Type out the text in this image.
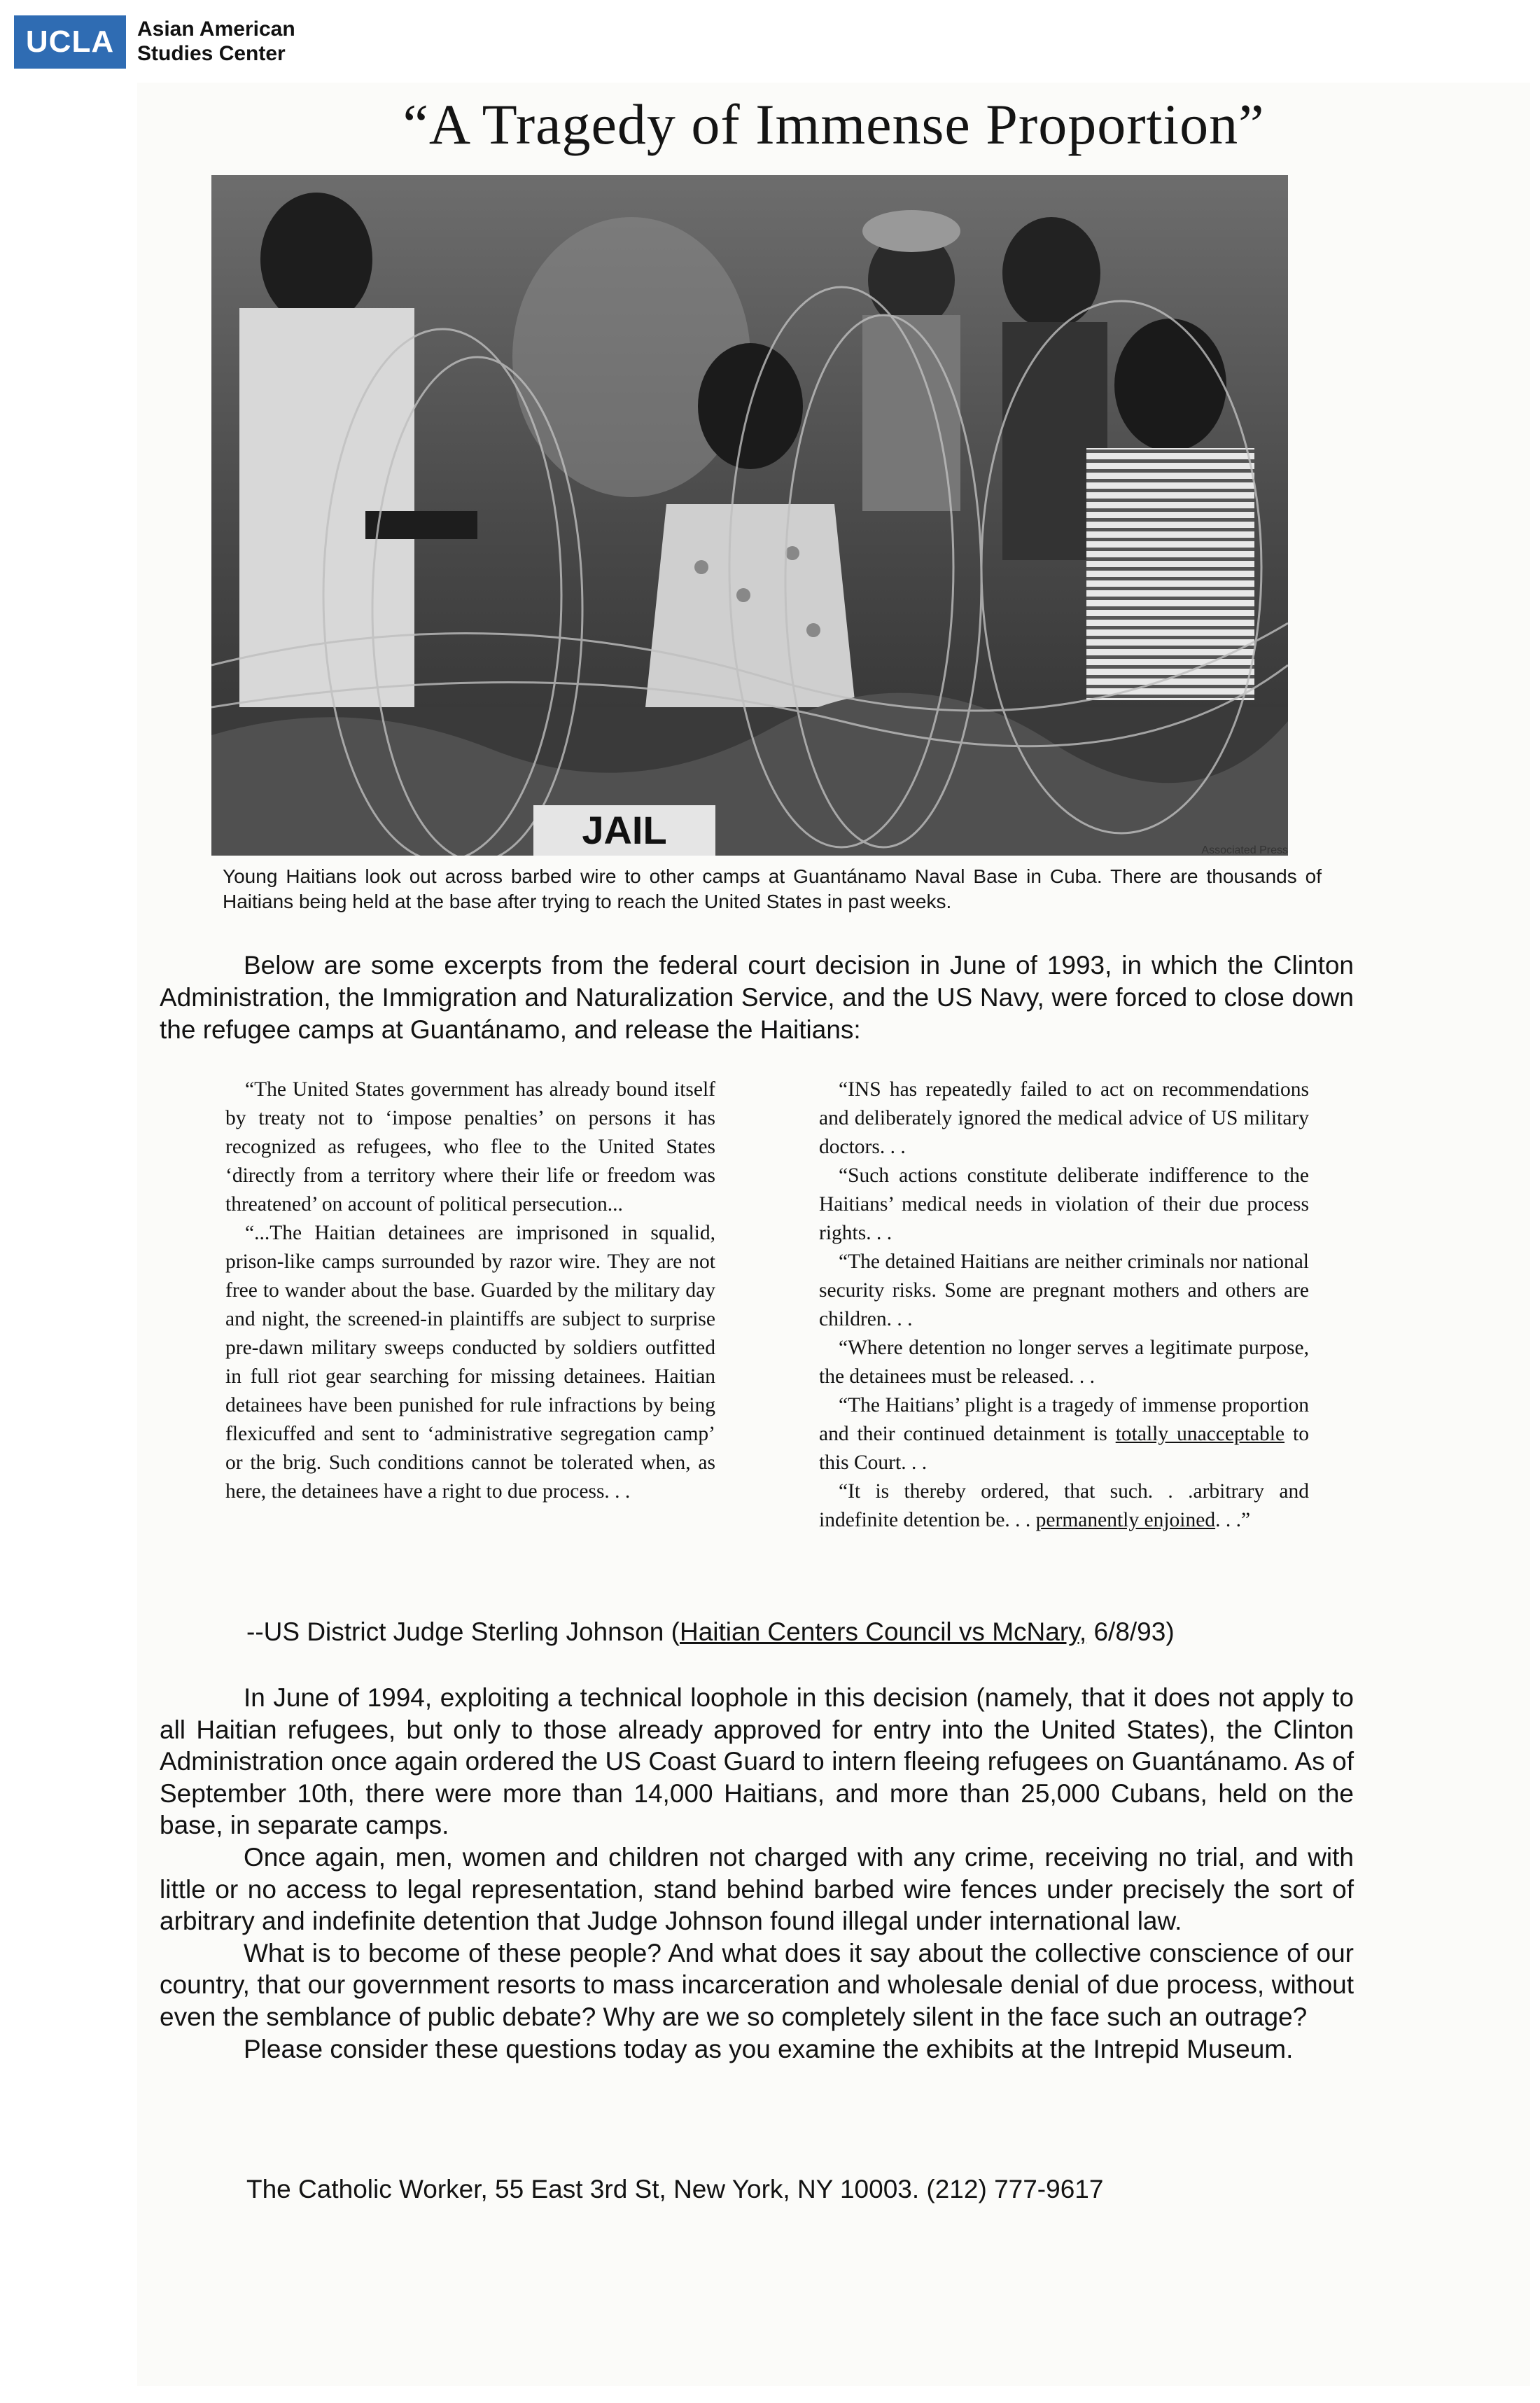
UCLA	Asian American
Studies Center
“A Tragedy of Immense Proportion”
JAIL	Associated Press
Young Haitians look out across barbed wire to other camps at Guantánamo Naval Base in Cuba. There are thousands of Haitians being held at the base after trying to reach the United States in past weeks.
Below are some excerpts from the federal court decision in June of 1993, in which the Clinton Administration, the Immigration and Naturalization Service, and the US Navy, were forced to close down the refugee camps at Guantánamo, and release the Haitians:

“The United States government has already bound itself by treaty not to ‘impose penalties’ on persons it has recognized as refugees, who flee to the United States ‘directly from a territory where their life or freedom was threatened’ on account of political persecution...

“...The Haitian detainees are imprisoned in squalid, prison-like camps surrounded by razor wire. They are not free to wander about the base. Guarded by the military day and night, the screened-in plaintiffs are subject to surprise pre-dawn military sweeps conducted by soldiers outfitted in full riot gear searching for missing detainees. Haitian detainees have been punished for rule infractions by being flexicuffed and sent to ‘administrative segregation camp’ or the brig. Such conditions cannot be tolerated when, as here, the detainees have a right to due process. . .

“INS has repeatedly failed to act on recommendations and deliberately ignored the medical advice of US military doctors. . .

“Such actions constitute deliberate indifference to the Haitians’ medical needs in violation of their due process rights. . .

“The detained Haitians are neither criminals nor national security risks. Some are pregnant mothers and others are children. . .

“Where detention no longer serves a legitimate purpose, the detainees must be released. . .

“The Haitians’ plight is a tragedy of immense proportion and their continued detainment is totally unacceptable to this Court. . .

“It is thereby ordered, that such. . .arbitrary and indefinite detention be. . . permanently enjoined. . .”

--US District Judge Sterling Johnson (Haitian Centers Council vs McNary, 6/8/93)

In June of 1994, exploiting a technical loophole in this decision (namely, that it does not apply to all Haitian refugees, but only to those already approved for entry into the United States), the Clinton Administration once again ordered the US Coast Guard to intern fleeing refugees on Guantánamo. As of September 10th, there were more than 14,000 Haitians, and more than 25,000 Cubans, held on the base, in separate camps.

Once again, men, women and children not charged with any crime, receiving no trial, and with little or no access to legal representation, stand behind barbed wire fences under precisely the sort of arbitrary and indefinite detention that Judge Johnson found illegal under international law.

What is to become of these people? And what does it say about the collective conscience of our country, that our government resorts to mass incarceration and wholesale denial of due process, without even the semblance of public debate? Why are we so completely silent in the face such an outrage?

Please consider these questions today as you examine the exhibits at the Intrepid Museum.

The Catholic Worker, 55 East 3rd St, New York, NY 10003. (212) 777-9617
